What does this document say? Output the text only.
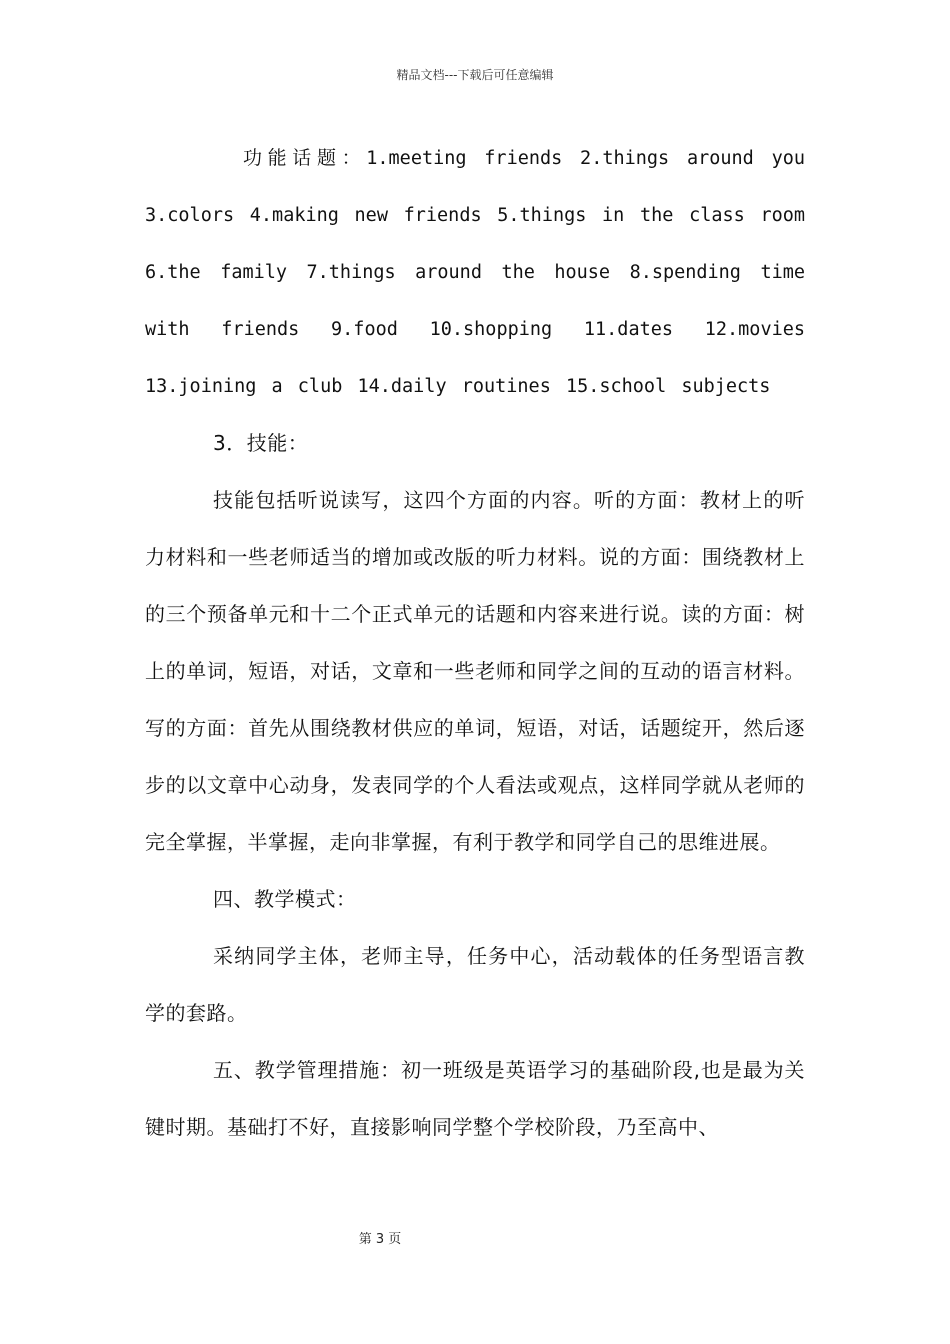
精品文档---下载后可任意编辑

功能话题：1.meeting friends 2.things around you 3.colors 4.making new friends 5.things in the class room 6.the family 7.things around the house 8.spending time with friends 9.food 10.shopping 11.dates 12.movies 13.joining a club 14.daily routines 15.school subjects

3．技能：

技能包括听说读写，这四个方面的内容。听的方面：教材上的听力材料和一些老师适当的增加或改版的听力材料。说的方面：围绕教材上的三个预备单元和十二个正式单元的话题和内容来进行说。读的方面：树上的单词，短语，对话，文章和一些老师和同学之间的互动的语言材料。写的方面：首先从围绕教材供应的单词，短语，对话，话题绽开，然后逐步的以文章中心动身，发表同学的个人看法或观点，这样同学就从老师的完全掌握，半掌握，走向非掌握，有利于教学和同学自己的思维进展。

四、教学模式：

采纳同学主体，老师主导，任务中心，活动载体的任务型语言教学的套路。

五、教学管理措施：初一班级是英语学习的基础阶段,也是最为关键时期。基础打不好，直接影响同学整个学校阶段，乃至高中、

第 3 页
